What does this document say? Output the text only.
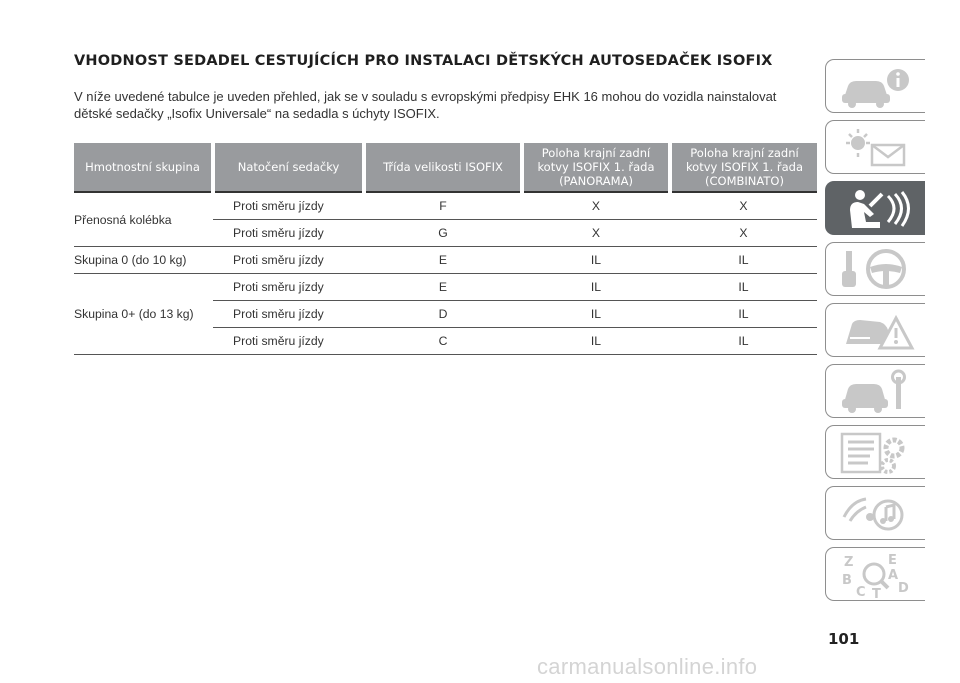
VHODNOST SEDADEL CESTUJÍCÍCH PRO INSTALACI DĚTSKÝCH AUTOSEDAČEK ISOFIX
V níže uvedené tabulce je uveden přehled, jak se v souladu s evropskými předpisy EHK 16 mohou do vozidla nainstalovat dětské sedačky „Isofix Universale“ na sedadla s úchyty ISOFIX.
Hmotnostní skupina	Natočení sedačky	Třída velikosti ISOFIX	Poloha krajní zadní kotvy ISOFIX 1. řada (PANORAMA)	Poloha krajní zadní kotvy ISOFIX 1. řada (COMBINATO)
Přenosná kolébka	Proti směru jízdy	F	X	X
	Proti směru jízdy	G	X	X
Skupina 0 (do 10 kg)	Proti směru jízdy	E	IL	IL
Skupina 0+ (do 13 kg)	Proti směru jízdy	E	IL	IL
	Proti směru jízdy	D	IL	IL
	Proti směru jízdy	C	IL	IL
101
Z	E
A
B
D
C T
carmanualsonline.info
